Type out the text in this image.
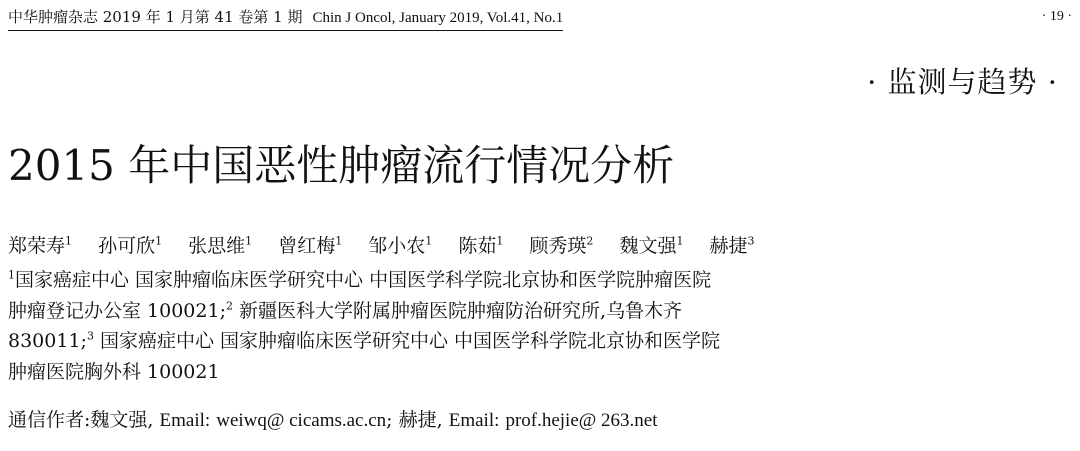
中华肿瘤杂志 2019 年 1 月第 41 卷第 1 期 Chin J Oncol, January 2019, Vol.41, No.1	· 19 ·
· 监测与趋势 ·
2015 年中国恶性肿瘤流行情况分析
郑荣寿$^1$ 孙可欣$^1$ 张思维$^1$ 曾红梅$^1$ 邹小农$^1$ 陈茹$^1$ 顾秀瑛$^2$ 魏文强$^1$ 赫捷$^3$
$^1$国家癌症中心 国家肿瘤临床医学研究中心 中国医学科学院北京协和医学院肿瘤医院
肿瘤登记办公室 100021;$^2$ 新疆医科大学附属肿瘤医院肿瘤防治研究所,乌鲁木齐
830011;$^3$ 国家癌症中心 国家肿瘤临床医学研究中心 中国医学科学院北京协和医学院
肿瘤医院胸外科 100021
通信作者:魏文强, Email: weiwq@ cicams.ac.cn; 赫捷, Email: prof.hejie@ 263.net
